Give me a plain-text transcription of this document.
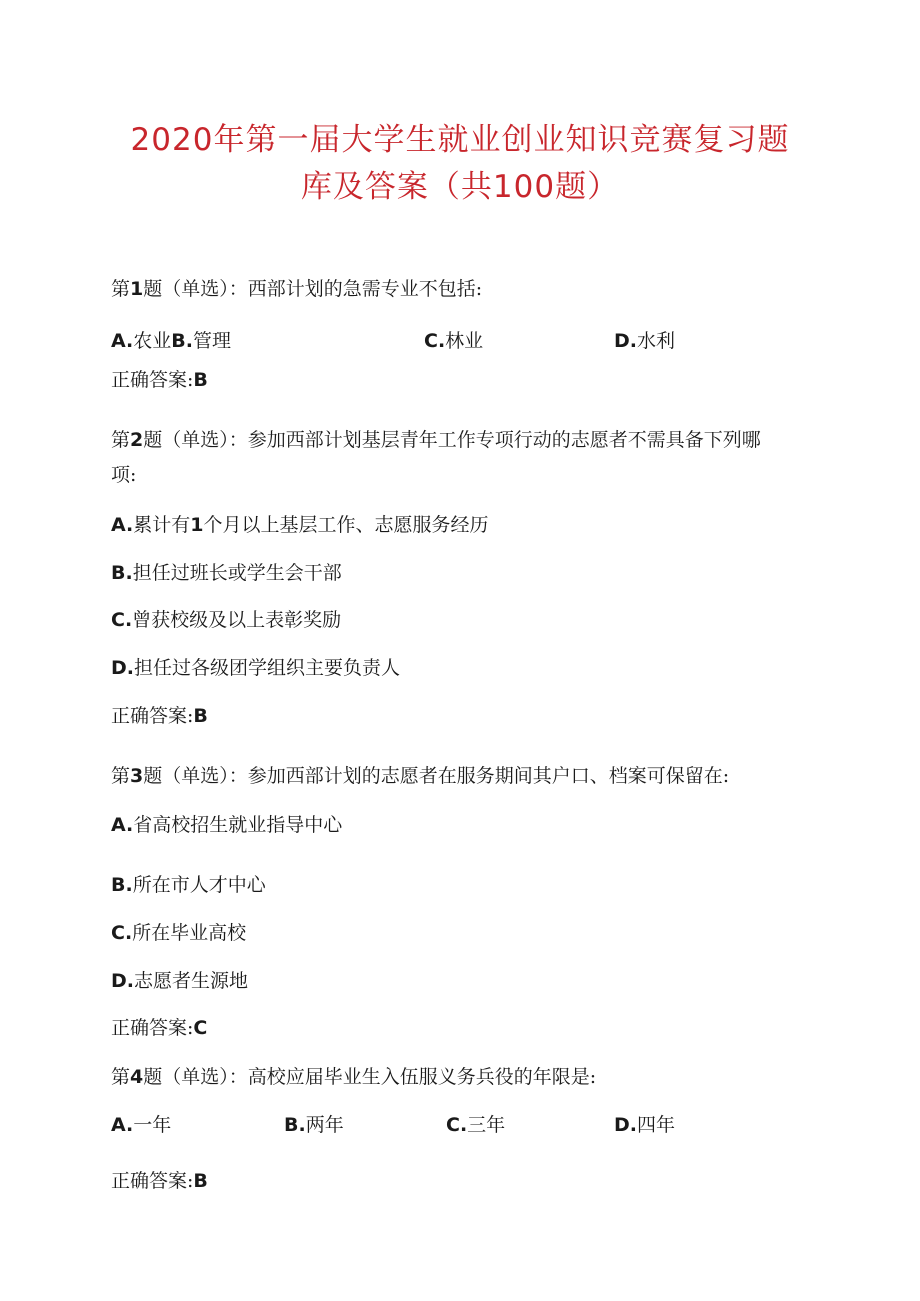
2020年第一届大学生就业创业知识竞赛复习题
库及答案（共100题）
第1题（单选）：西部计划的急需专业不包括:
A.农业B.管理	C.林业	D.水利
正确答案:B
第2题（单选）：参加西部计划基层青年工作专项行动的志愿者不需具备下列哪
项:
A.累计有1个月以上基层工作、志愿服务经历
B.担任过班长或学生会干部
C.曾获校级及以上表彰奖励
D.担任过各级团学组织主要负责人
正确答案:B
第3题（单选）：参加西部计划的志愿者在服务期间其户口、档案可保留在:
A.省高校招生就业指导中心
B.所在市人才中心
C.所在毕业高校
D.志愿者生源地
正确答案:C
第4题（单选）：高校应届毕业生入伍服义务兵役的年限是:
A.一年	B.两年	C.三年	D.四年
正确答案:B
